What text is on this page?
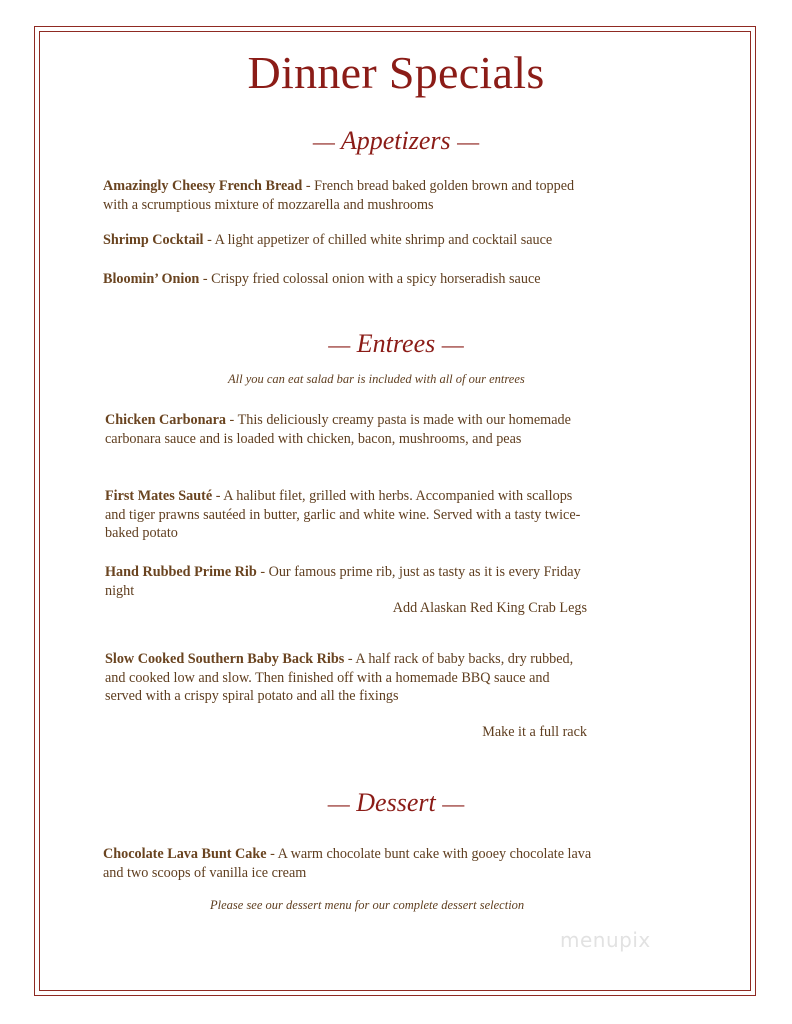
Dinner Specials
— Appetizers —

Amazingly Cheesy French Bread - French bread baked golden brown and topped with a scrumptious mixture of mozzarella and mushrooms

Shrimp Cocktail - A light appetizer of chilled white shrimp and cocktail sauce

Bloomin’ Onion - Crispy fried colossal onion with a spicy horseradish sauce

— Entrees —

All you can eat salad bar is included with all of our entrees

Chicken Carbonara - This deliciously creamy pasta is made with our homemade carbonara sauce and is loaded with chicken, bacon, mushrooms, and peas

First Mates Sauté - A halibut filet, grilled with herbs. Accompanied with scallops and tiger prawns sautéed in butter, garlic and white wine. Served with a tasty twice-baked potato

Hand Rubbed Prime Rib - Our famous prime rib, just as tasty as it is every Friday night

Add Alaskan Red King Crab Legs

Slow Cooked Southern Baby Back Ribs - A half rack of baby backs, dry rubbed, and cooked low and slow. Then finished off with a homemade BBQ sauce and served with a crispy spiral potato and all the fixings

Make it a full rack

— Dessert —

Chocolate Lava Bunt Cake - A warm chocolate bunt cake with gooey chocolate lava and two scoops of vanilla ice cream

Please see our dessert menu for our complete dessert selection

menupix
